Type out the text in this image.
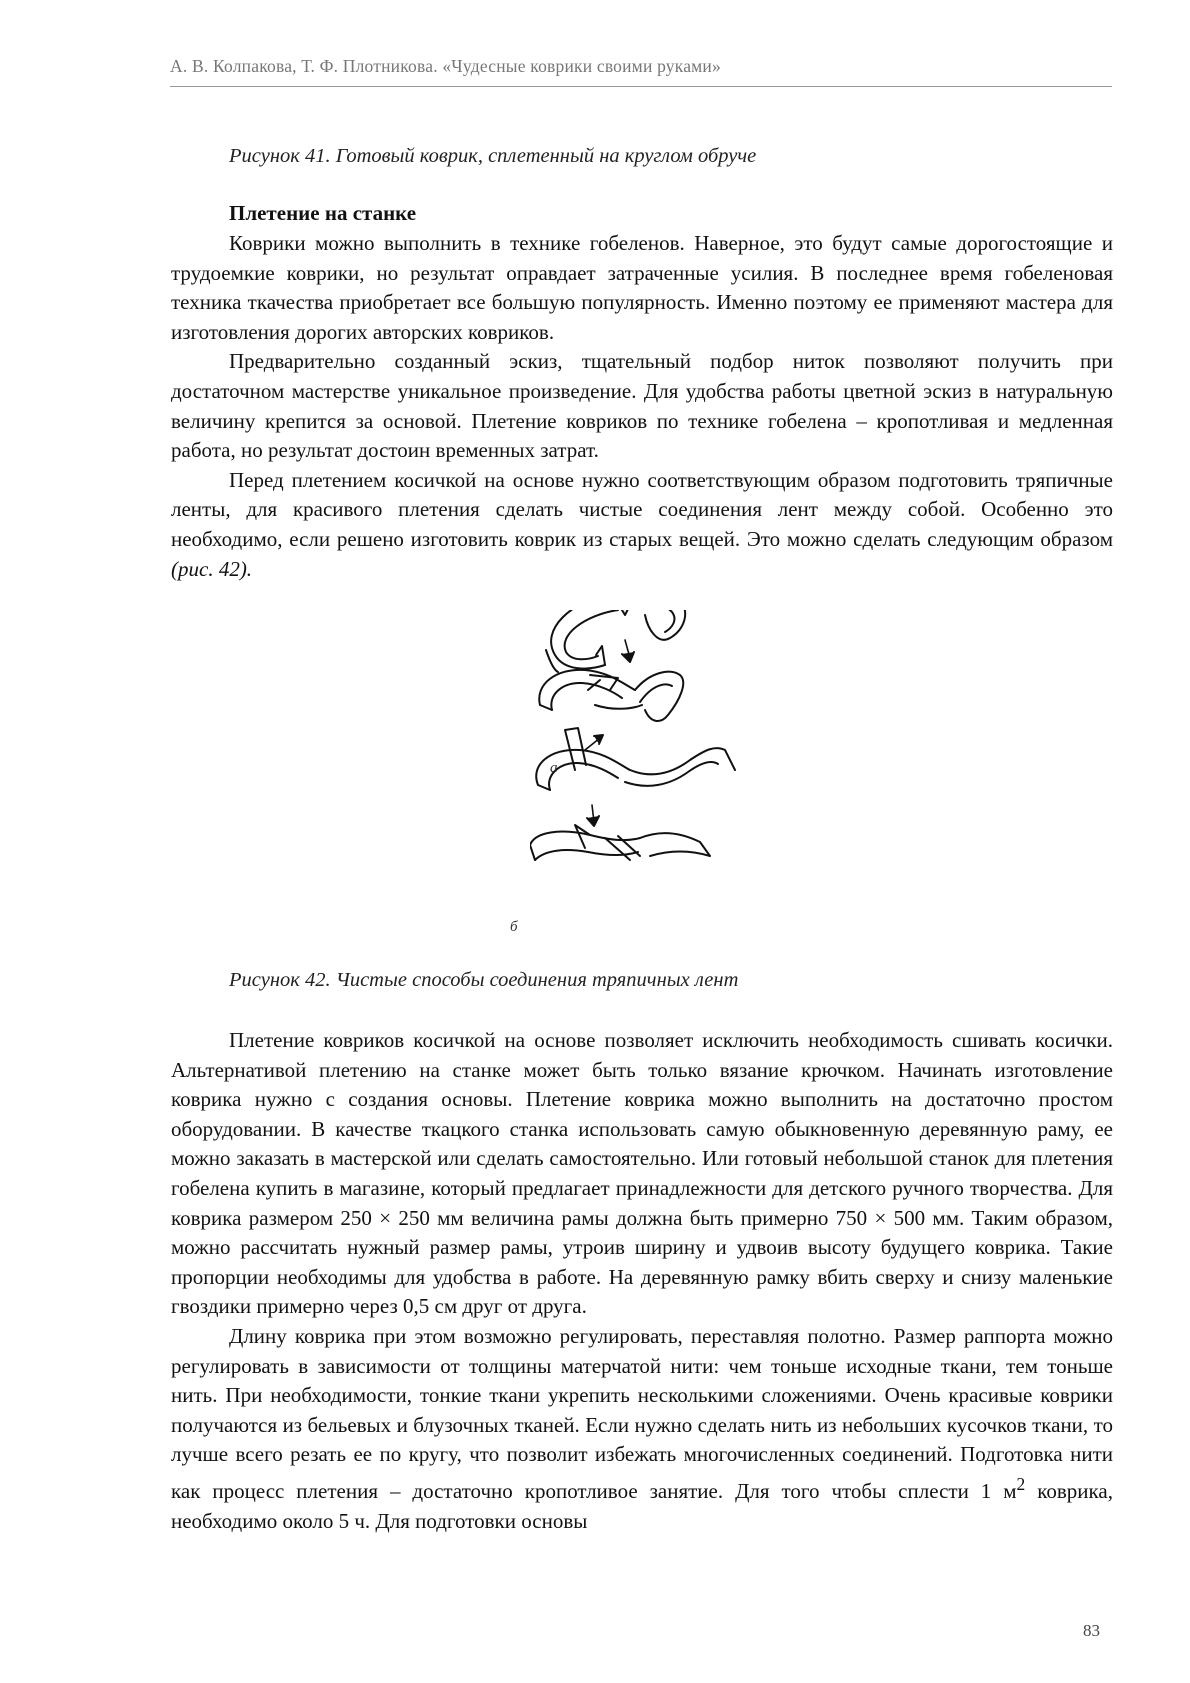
А. В. Колпакова, Т. Ф. Плотникова. «Чудесные коврики своими руками»
Рисунок 41. Готовый коврик, сплетенный на круглом обруче
Плетение на станке

Коврики можно выполнить в технике гобеленов. Наверное, это будут самые дорогостоящие и трудоемкие коврики, но результат оправдает затраченные усилия. В последнее время гобеленовая техника ткачества приобретает все большую популярность. Именно поэтому ее применяют мастера для изготовления дорогих авторских ковриков.

Предварительно созданный эскиз, тщательный подбор ниток позволяют получить при достаточном мастерстве уникальное произведение. Для удобства работы цветной эскиз в натуральную величину крепится за основой. Плетение ковриков по технике гобелена – кропотливая и медленная работа, но результат достоин временных затрат.

Перед плетением косичкой на основе нужно соответствующим образом подготовить тряпичные ленты, для красивого плетения сделать чистые соединения лент между собой. Особенно это необходимо, если решено изготовить коврик из старых вещей. Это можно сделать следующим образом (рис. 42).

а
б
Рисунок 42. Чистые способы соединения тряпичных лент

Плетение ковриков косичкой на основе позволяет исключить необходимость сшивать косички. Альтернативой плетению на станке может быть только вязание крючком. Начинать изготовление коврика нужно с создания основы. Плетение коврика можно выполнить на достаточно простом оборудовании. В качестве ткацкого станка использовать самую обыкновенную деревянную раму, ее можно заказать в мастерской или сделать самостоятельно. Или готовый небольшой станок для плетения гобелена купить в магазине, который предлагает принадлежности для детского ручного творчества. Для коврика размером 250 × 250 мм величина рамы должна быть примерно 750 × 500 мм. Таким образом, можно рассчитать нужный размер рамы, утроив ширину и удвоив высоту будущего коврика. Такие пропорции необходимы для удобства в работе. На деревянную рамку вбить сверху и снизу маленькие гвоздики примерно через 0,5 см друг от друга.

Длину коврика при этом возможно регулировать, переставляя полотно. Размер раппорта можно регулировать в зависимости от толщины матерчатой нити: чем тоньше исходные ткани, тем тоньше нить. При необходимости, тонкие ткани укрепить несколькими сложениями. Очень красивые коврики получаются из бельевых и блузочных тканей. Если нужно сделать нить из небольших кусочков ткани, то лучше всего резать ее по кругу, что позволит избежать многочисленных соединений. Подготовка нити как процесс плетения – достаточно кропотливое занятие. Для того чтобы сплести 1 $м^2$ коврика, необходимо около 5 ч. Для подготовки основы

83
